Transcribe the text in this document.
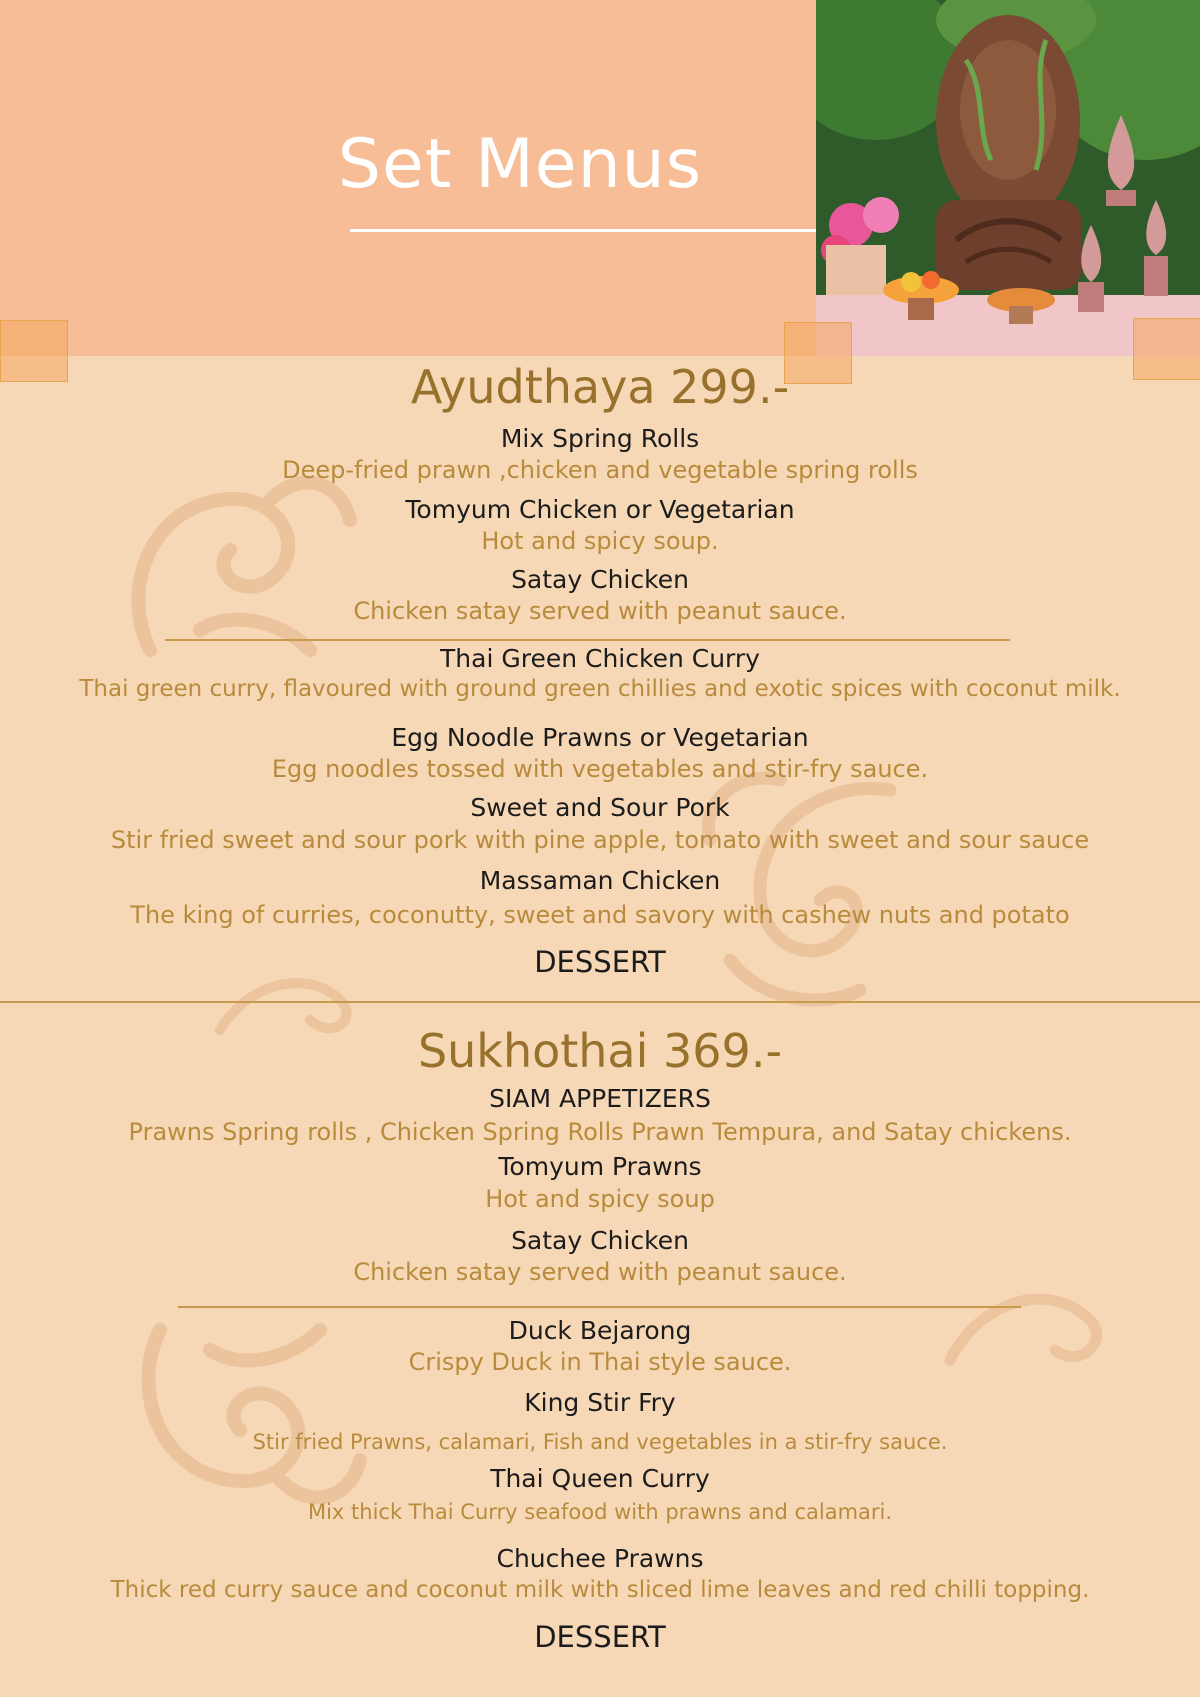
Set Menus
Ayudthaya 299.-
Mix Spring Rolls
Deep-fried prawn ,chicken and vegetable spring rolls
Tomyum Chicken or Vegetarian
Hot and spicy soup.
Satay Chicken
Chicken satay served with peanut sauce.
Thai Green Chicken Curry
Thai green curry, flavoured with ground green chillies and exotic spices with coconut milk.
Egg Noodle Prawns or Vegetarian
Egg noodles tossed with vegetables and stir-fry sauce.
Sweet and Sour Pork
Stir fried sweet and sour pork with pine apple, tomato with sweet and sour sauce
Massaman Chicken
The king of curries, coconutty, sweet and savory with cashew nuts and potato
DESSERT
Sukhothai 369.-
SIAM APPETIZERS
Prawns Spring rolls , Chicken Spring Rolls Prawn Tempura, and Satay chickens.
Tomyum Prawns
Hot and spicy soup
Satay Chicken
Chicken satay served with peanut sauce.
Duck Bejarong
Crispy Duck in Thai style sauce.
King Stir Fry
Stir fried Prawns, calamari, Fish and vegetables in a stir-fry sauce.
Thai Queen Curry
Mix thick Thai Curry seafood with prawns and calamari.
Chuchee Prawns
Thick red curry sauce and coconut milk with sliced lime leaves and red chilli topping.
DESSERT
